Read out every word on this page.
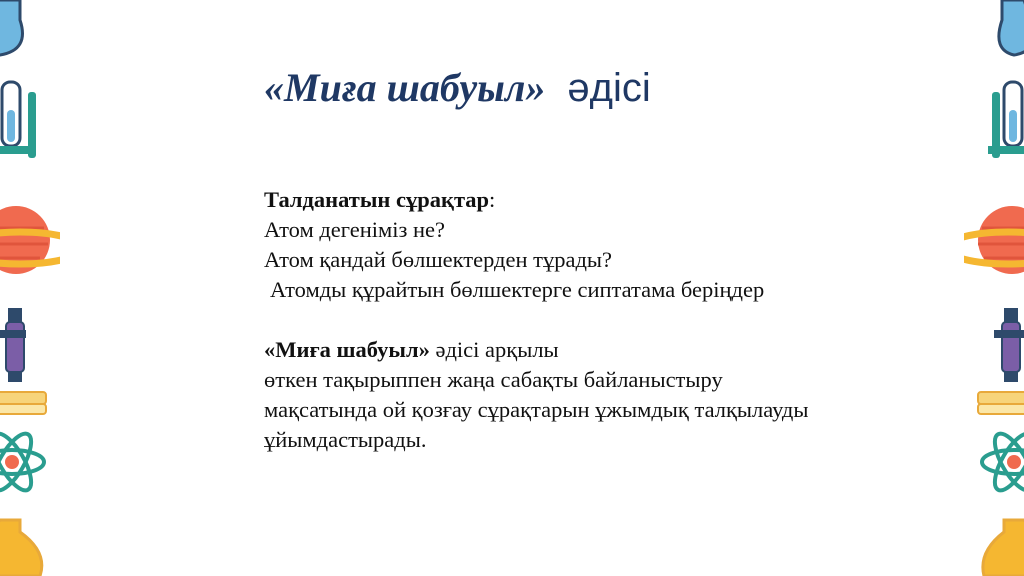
«Миға шабуыл» әдісі
Талданатын сұрақтар:
Атом дегеніміз не?
Атом қандай бөлшектерден тұрады?
Атомды құрайтын бөлшектерге сиптатама беріңдер
«Миға шабуыл» әдісі арқылы
өткен тақырыппен жаңа сабақты байланыстыру
мақсатында ой қозғау сұрақтарын ұжымдық талқылауды
ұйымдастырады.
